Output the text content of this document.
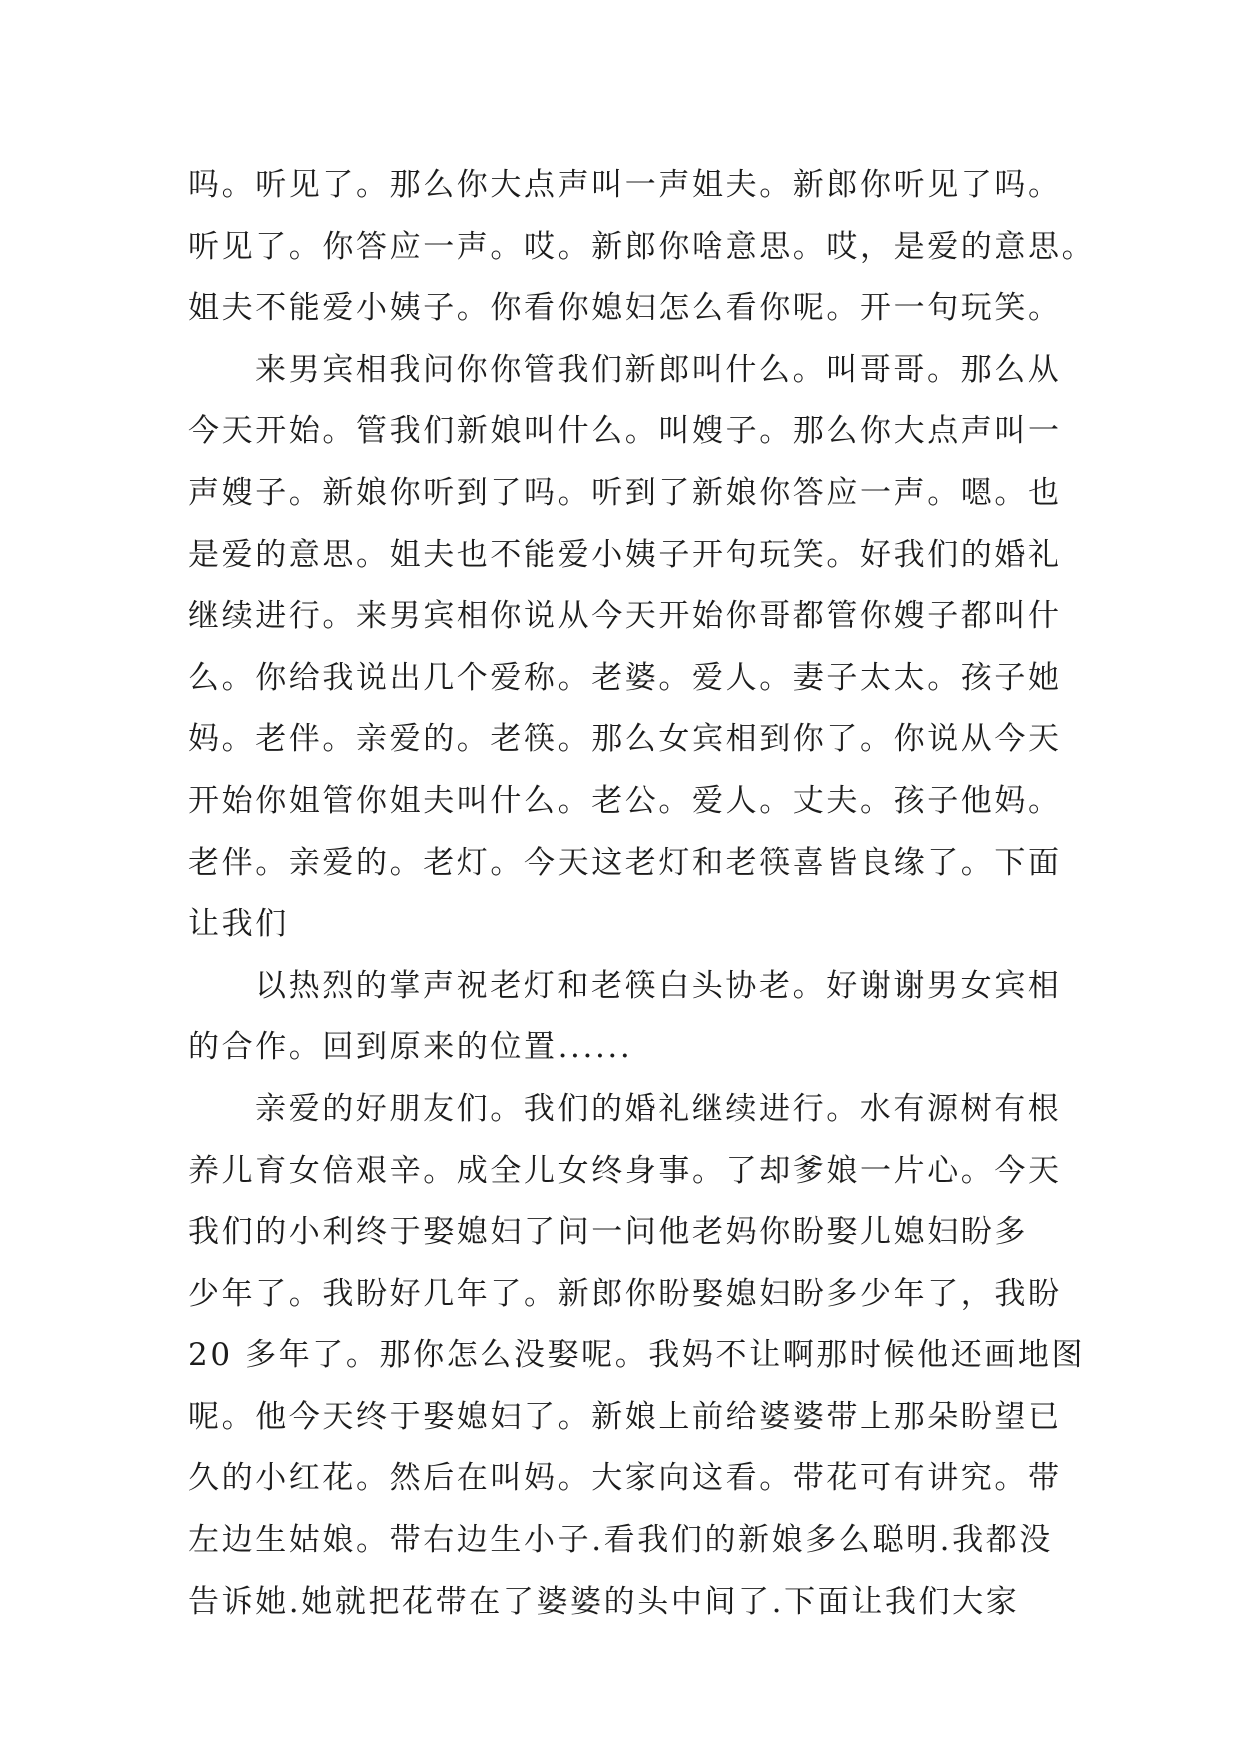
吗。听见了。那么你大点声叫一声姐夫。新郎你听见了吗。
听见了。你答应一声。哎。新郎你啥意思。哎，是爱的意思。
姐夫不能爱小姨子。你看你媳妇怎么看你呢。开一句玩笑。

来男宾相我问你你管我们新郎叫什么。叫哥哥。那么从
今天开始。管我们新娘叫什么。叫嫂子。那么你大点声叫一
声嫂子。新娘你听到了吗。听到了新娘你答应一声。嗯。也
是爱的意思。姐夫也不能爱小姨子开句玩笑。好我们的婚礼
继续进行。来男宾相你说从今天开始你哥都管你嫂子都叫什
么。你给我说出几个爱称。老婆。爱人。妻子太太。孩子她
妈。老伴。亲爱的。老筷。那么女宾相到你了。你说从今天
开始你姐管你姐夫叫什么。老公。爱人。丈夫。孩子他妈。
老伴。亲爱的。老灯。今天这老灯和老筷喜皆良缘了。下面
让我们

以热烈的掌声祝老灯和老筷白头协老。好谢谢男女宾相
的合作。回到原来的位置......

亲爱的好朋友们。我们的婚礼继续进行。水有源树有根
养儿育女倍艰辛。成全儿女终身事。了却爹娘一片心。今天
我们的小利终于娶媳妇了问一问他老妈你盼娶儿媳妇盼多
少年了。我盼好几年了。新郎你盼娶媳妇盼多少年了，我盼
20 多年了。那你怎么没娶呢。我妈不让啊那时候他还画地图
呢。他今天终于娶媳妇了。新娘上前给婆婆带上那朵盼望已
久的小红花。然后在叫妈。大家向这看。带花可有讲究。带
左边生姑娘。带右边生小子.看我们的新娘多么聪明.我都没
告诉她.她就把花带在了婆婆的头中间了.下面让我们大家
